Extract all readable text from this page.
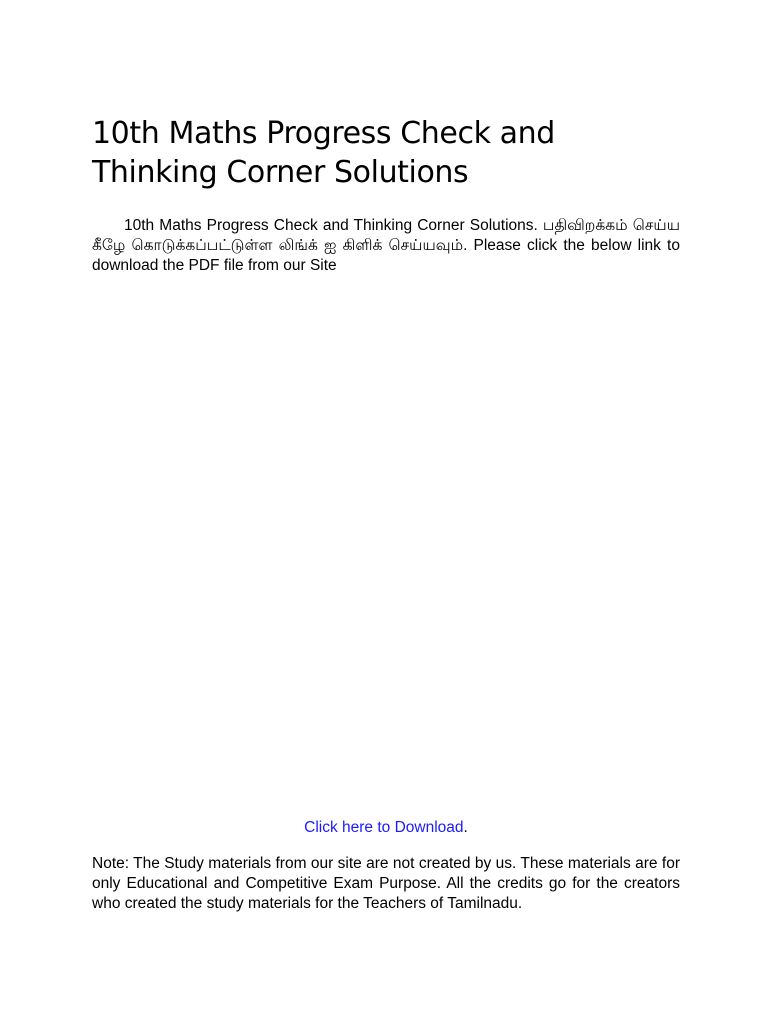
10th Maths Progress Check and Thinking Corner Solutions

10th Maths Progress Check and Thinking Corner Solutions. பதிவிறக்கம் செய்ய கீழே கொடுக்கப்பட்டுள்ள லிங்க் ஐ கிளிக் செய்யவும். Please click the below link to download the PDF file from our Site

Click here to Download.

Note: The Study materials from our site are not created by us. These materials are for only Educational and Competitive Exam Purpose. All the credits go for the creators who created the study materials for the Teachers of Tamilnadu.
